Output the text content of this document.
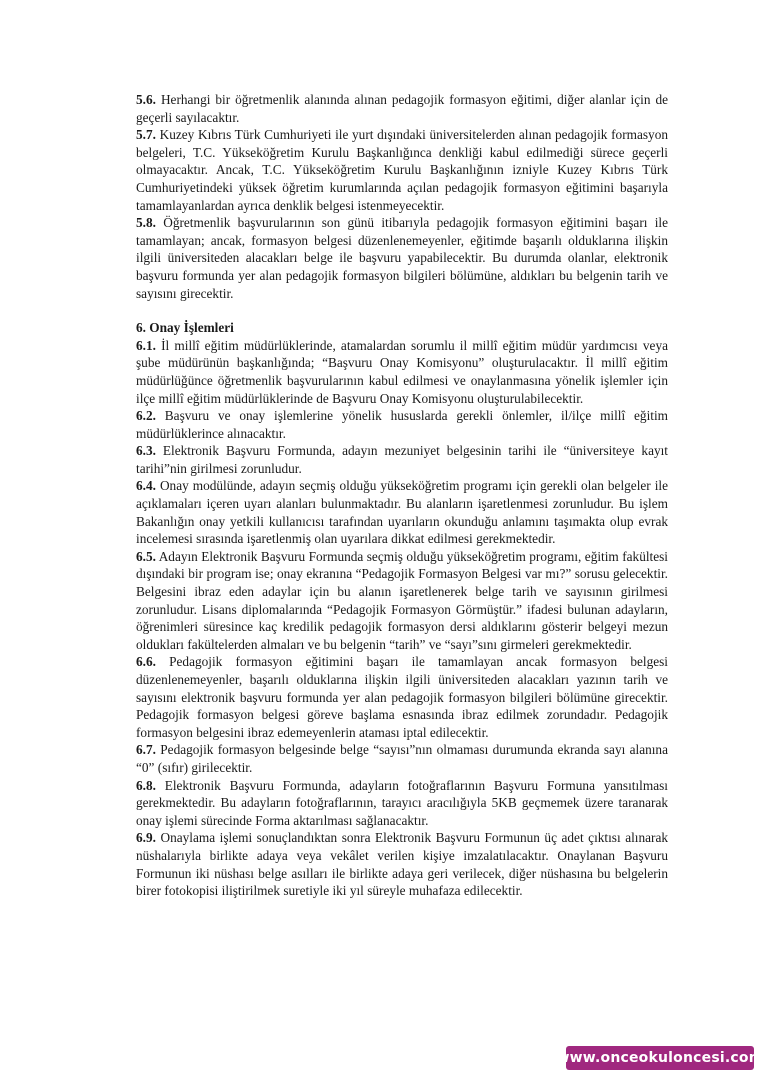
5.6. Herhangi bir öğretmenlik alanında alınan pedagojik formasyon eğitimi, diğer alanlar için de geçerli sayılacaktır.

5.7. Kuzey Kıbrıs Türk Cumhuriyeti ile yurt dışındaki üniversitelerden alınan pedagojik formasyon belgeleri, T.C. Yükseköğretim Kurulu Başkanlığınca denkliği kabul edilmediği sürece geçerli olmayacaktır. Ancak, T.C. Yükseköğretim Kurulu Başkanlığının izniyle Kuzey Kıbrıs Türk Cumhuriyetindeki yüksek öğretim kurumlarında açılan pedagojik formasyon eğitimini başarıyla tamamlayanlardan ayrıca denklik belgesi istenmeyecektir.

5.8. Öğretmenlik başvurularının son günü itibarıyla pedagojik formasyon eğitimini başarı ile tamamlayan; ancak, formasyon belgesi düzenlenemeyenler, eğitimde başarılı olduklarına ilişkin ilgili üniversiteden alacakları belge ile başvuru yapabilecektir. Bu durumda olanlar, elektronik başvuru formunda yer alan pedagojik formasyon bilgileri bölümüne, aldıkları bu belgenin tarih ve sayısını girecektir.

6. Onay İşlemleri

6.1. İl millî eğitim müdürlüklerinde, atamalardan sorumlu il millî eğitim müdür yardımcısı veya şube müdürünün başkanlığında; “Başvuru Onay Komisyonu” oluşturulacaktır. İl millî eğitim müdürlüğünce öğretmenlik başvurularının kabul edilmesi ve onaylanmasına yönelik işlemler için ilçe millî eğitim müdürlüklerinde de Başvuru Onay Komisyonu oluşturulabilecektir.

6.2. Başvuru ve onay işlemlerine yönelik hususlarda gerekli önlemler, il/ilçe millî eğitim müdürlüklerince alınacaktır.

6.3. Elektronik Başvuru Formunda, adayın mezuniyet belgesinin tarihi ile “üniversiteye kayıt tarihi”nin girilmesi zorunludur.

6.4. Onay modülünde, adayın seçmiş olduğu yükseköğretim programı için gerekli olan belgeler ile açıklamaları içeren uyarı alanları bulunmaktadır. Bu alanların işaretlenmesi zorunludur. Bu işlem Bakanlığın onay yetkili kullanıcısı tarafından uyarıların okunduğu anlamını taşımakta olup evrak incelemesi sırasında işaretlenmiş olan uyarılara dikkat edilmesi gerekmektedir.

6.5. Adayın Elektronik Başvuru Formunda seçmiş olduğu yükseköğretim programı, eğitim fakültesi dışındaki bir program ise; onay ekranına “Pedagojik Formasyon Belgesi var mı?” sorusu gelecektir. Belgesini ibraz eden adaylar için bu alanın işaretlenerek belge tarih ve sayısının girilmesi zorunludur. Lisans diplomalarında “Pedagojik Formasyon Görmüştür.” ifadesi bulunan adayların, öğrenimleri süresince kaç kredilik pedagojik formasyon dersi aldıklarını gösterir belgeyi mezun oldukları fakültelerden almaları ve bu belgenin “tarih” ve “sayı”sını girmeleri gerekmektedir.

6.6. Pedagojik formasyon eğitimini başarı ile tamamlayan ancak formasyon belgesi düzenlenemeyenler, başarılı olduklarına ilişkin ilgili üniversiteden alacakları yazının tarih ve sayısını elektronik başvuru formunda yer alan pedagojik formasyon bilgileri bölümüne girecektir. Pedagojik formasyon belgesi göreve başlama esnasında ibraz edilmek zorundadır. Pedagojik formasyon belgesini ibraz edemeyenlerin ataması iptal edilecektir.

6.7. Pedagojik formasyon belgesinde belge “sayısı”nın olmaması durumunda ekranda sayı alanına “0” (sıfır) girilecektir.

6.8. Elektronik Başvuru Formunda, adayların fotoğraflarının Başvuru Formuna yansıtılması gerekmektedir. Bu adayların fotoğraflarının, tarayıcı aracılığıyla 5KB geçmemek üzere taranarak onay işlemi sürecinde Forma aktarılması sağlanacaktır.

6.9. Onaylama işlemi sonuçlandıktan sonra Elektronik Başvuru Formunun üç adet çıktısı alınarak nüshalarıyla birlikte adaya veya vekâlet verilen kişiye imzalatılacaktır. Onaylanan Başvuru Formunun iki nüshası belge asılları ile birlikte adaya geri verilecek, diğer nüshasına bu belgelerin birer fotokopisi iliştirilmek suretiyle iki yıl süreyle muhafaza edilecektir.

www.onceokuloncesi.com
